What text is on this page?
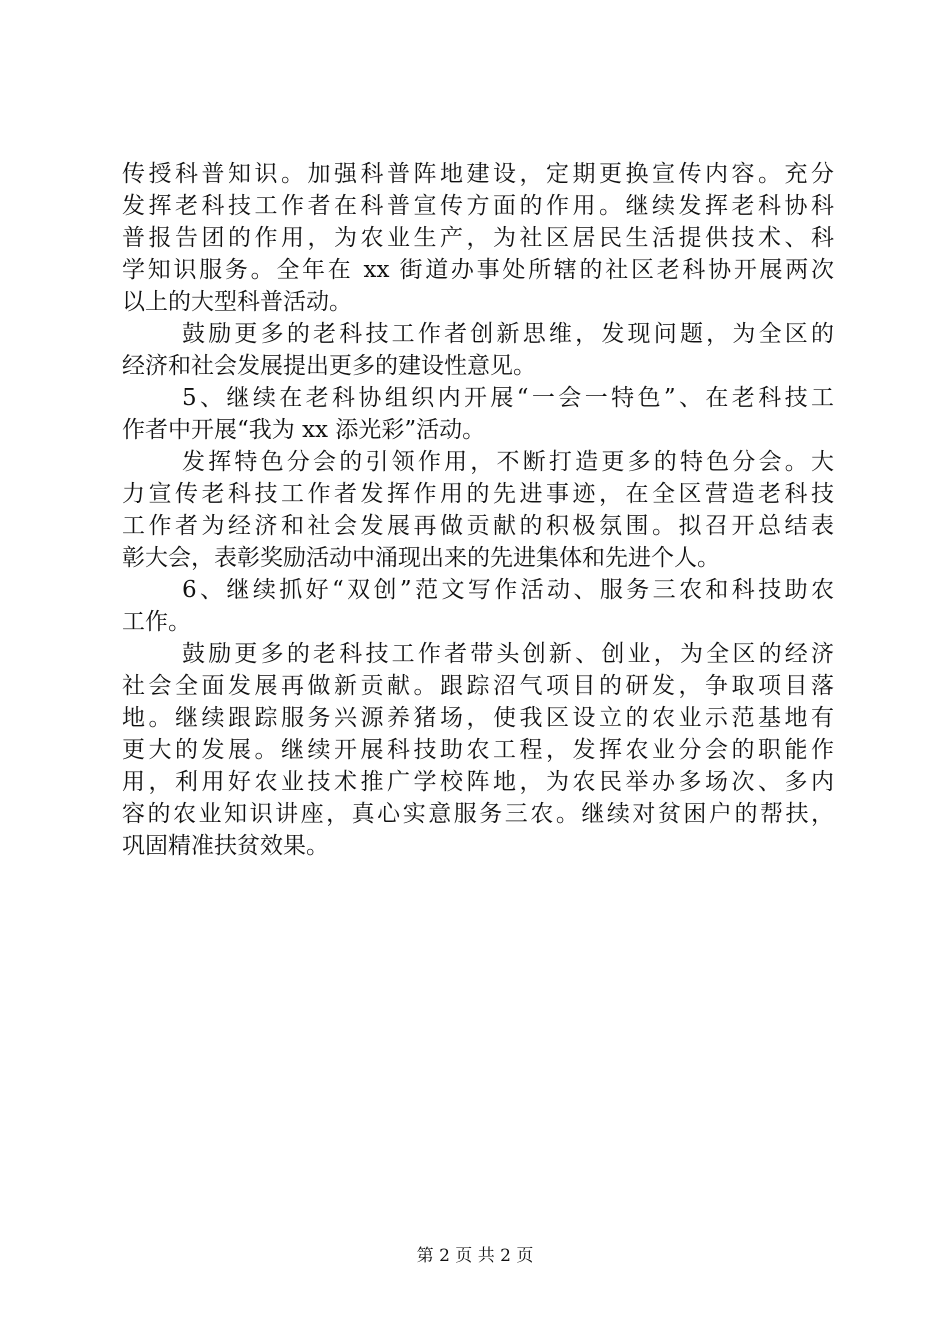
传授科普知识。加强科普阵地建设，定期更换宣传内容。充分
发挥老科技工作者在科普宣传方面的作用。继续发挥老科协科
普报告团的作用，为农业生产，为社区居民生活提供技术、科
学知识服务。全年在 xx 街道办事处所辖的社区老科协开展两次
以上的大型科普活动。
鼓励更多的老科技工作者创新思维，发现问题，为全区的
经济和社会发展提出更多的建设性意见。
5、继续在老科协组织内开展“一会一特色”、在老科技工
作者中开展“我为 xx 添光彩”活动。
发挥特色分会的引领作用，不断打造更多的特色分会。大
力宣传老科技工作者发挥作用的先进事迹，在全区营造老科技
工作者为经济和社会发展再做贡献的积极氛围。拟召开总结表
彰大会，表彰奖励活动中涌现出来的先进集体和先进个人。
6、继续抓好“双创”范文写作活动、服务三农和科技助农
工作。
鼓励更多的老科技工作者带头创新、创业，为全区的经济
社会全面发展再做新贡献。跟踪沼气项目的研发，争取项目落
地。继续跟踪服务兴源养猪场，使我区设立的农业示范基地有
更大的发展。继续开展科技助农工程，发挥农业分会的职能作
用，利用好农业技术推广学校阵地，为农民举办多场次、多内
容的农业知识讲座，真心实意服务三农。继续对贫困户的帮扶，
巩固精准扶贫效果。
第 2 页 共 2 页
